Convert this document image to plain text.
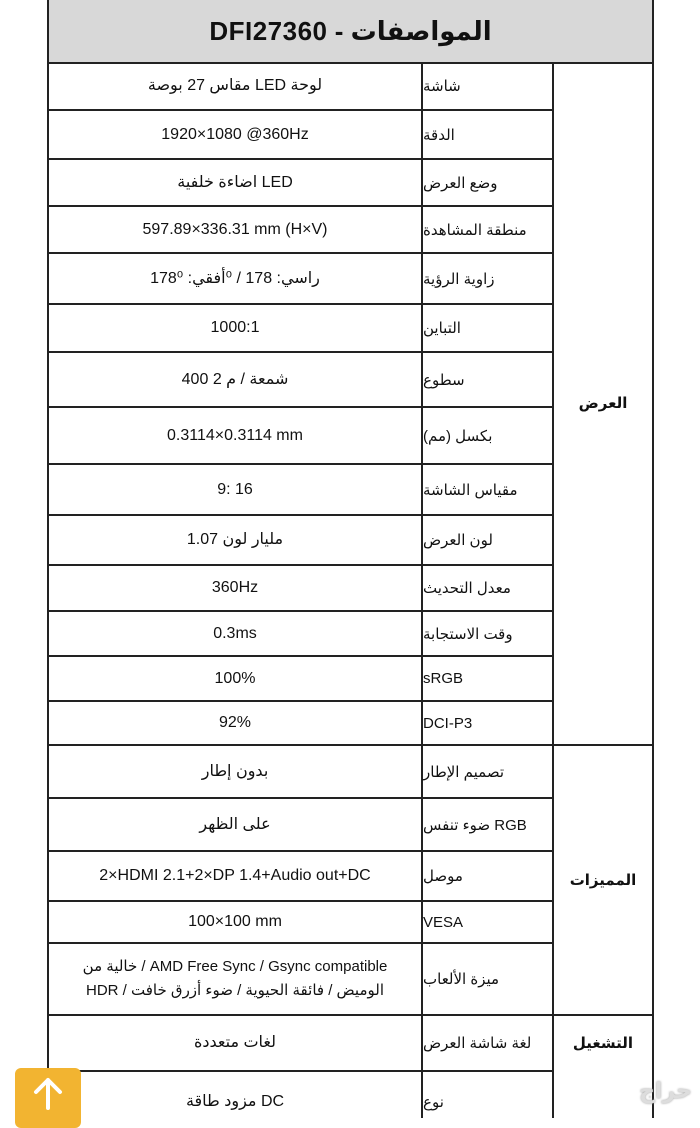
المواصفات - DFI27360
العرض
المميزات
التشغيل
شاشة
مقاس 27 بوصة LED لوحة
الدقة
1920×1080 @360Hz
وضع العرض
LED اضاءة خلفية
منطقة المشاهدة
597.89×336.31 mm (H×V)
زاوية الرؤية
راسي: 178 / ⁰أفقي: 178⁰
التباين
1000:1
سطوع
شمعة / م 2 400
بكسل (مم)
0.3114×0.3114 mm
مقياس الشاشة
9: 16
لون العرض
مليار لون 1.07
معدل التحديث
360Hz
وقت الاستجابة
0.3ms
sRGB
100%
DCI-P3
92%
تصميم الإطار
بدون إطار
RGB ضوء تنفس
على الظهر
موصل
2×HDMI 2.1+2×DP 1.4+Audio out+DC
VESA
100×100 mm
ميزة الألعاب
AMD Free Sync / Gsync compatible / خالية من الوميض / فائقة الحيوية / ضوء أزرق خافت / HDR
لغة شاشة العرض
لغات متعددة
نوع
DC مزود طاقة	حراج
